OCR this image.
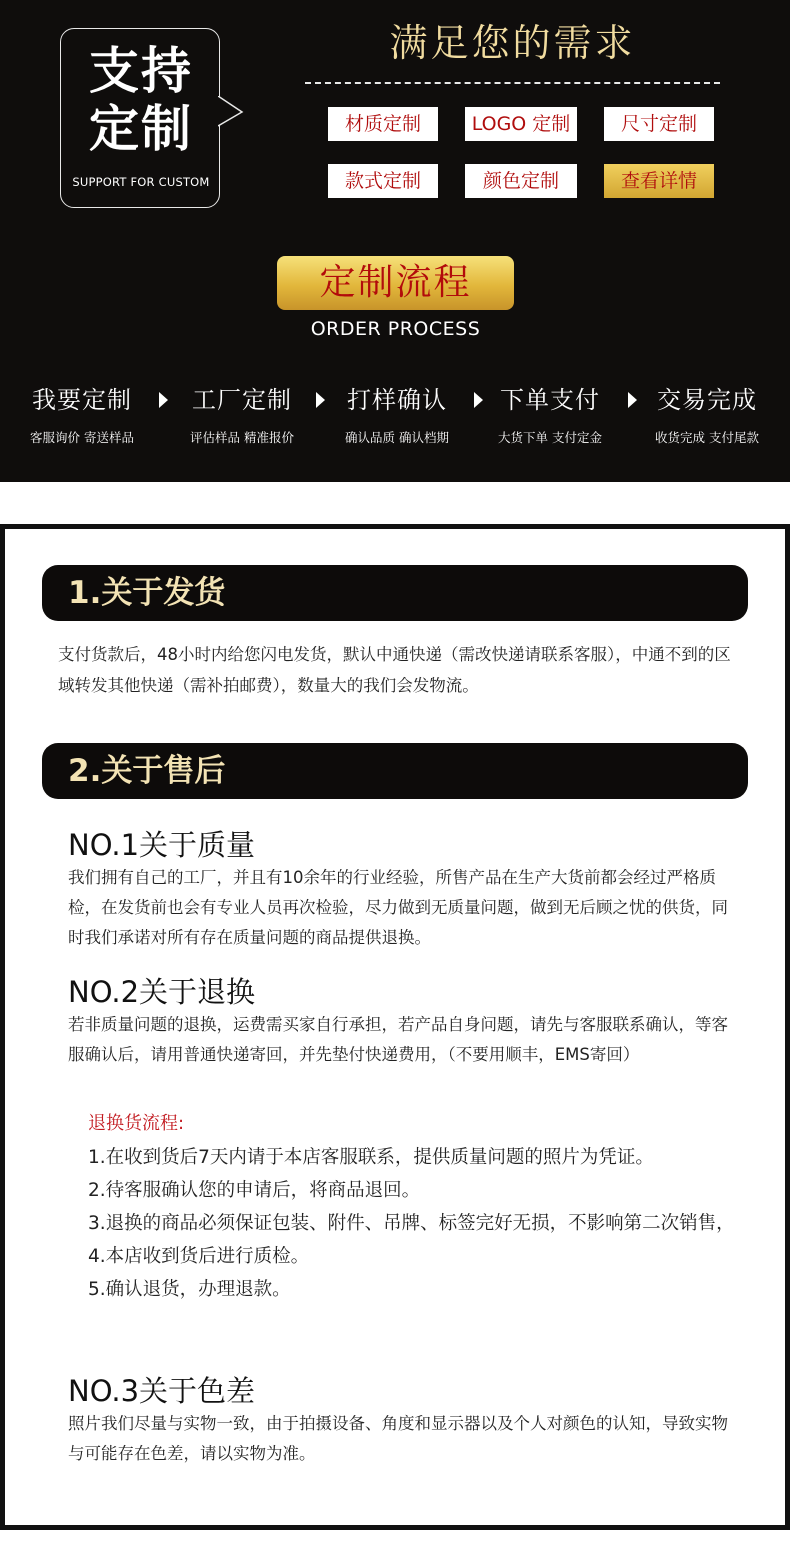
支持
定制
SUPPORT FOR CUSTOM
满足您的需求
材质定制	LOGO 定制	尺寸定制
款式定制	颜色定制	查看详情
定制流程
ORDER PROCESS
我要定制
客服询价 寄送样品
工厂定制
评估样品 精准报价
打样确认
确认品质 确认档期
下单支付
大货下单 支付定金
交易完成
收货完成 支付尾款
1.关于发货
支付货款后，48小时内给您闪电发货，默认中通快递（需改快递请联系客服），中通不到的区域转发其他快递（需补拍邮费），数量大的我们会发物流。
2.关于售后
NO.1关于质量
我们拥有自己的工厂，并且有10余年的行业经验，所售产品在生产大货前都会经过严格质检，在发货前也会有专业人员再次检验，尽力做到无质量问题，做到无后顾之忧的供货，同时我们承诺对所有存在质量问题的商品提供退换。
NO.2关于退换
若非质量问题的退换，运费需买家自行承担，若产品自身问题，请先与客服联系确认，等客服确认后，请用普通快递寄回，并先垫付快递费用，（不要用顺丰，EMS寄回）
退换货流程:
1.在收到货后7天内请于本店客服联系，提供质量问题的照片为凭证。
2.待客服确认您的申请后，将商品退回。
3.退换的商品必须保证包装、附件、吊牌、标签完好无损，不影响第二次销售，
4.本店收到货后进行质检。
5.确认退货，办理退款。
NO.3关于色差
照片我们尽量与实物一致，由于拍摄设备、角度和显示器以及个人对颜色的认知，导致实物与可能存在色差，请以实物为准。
